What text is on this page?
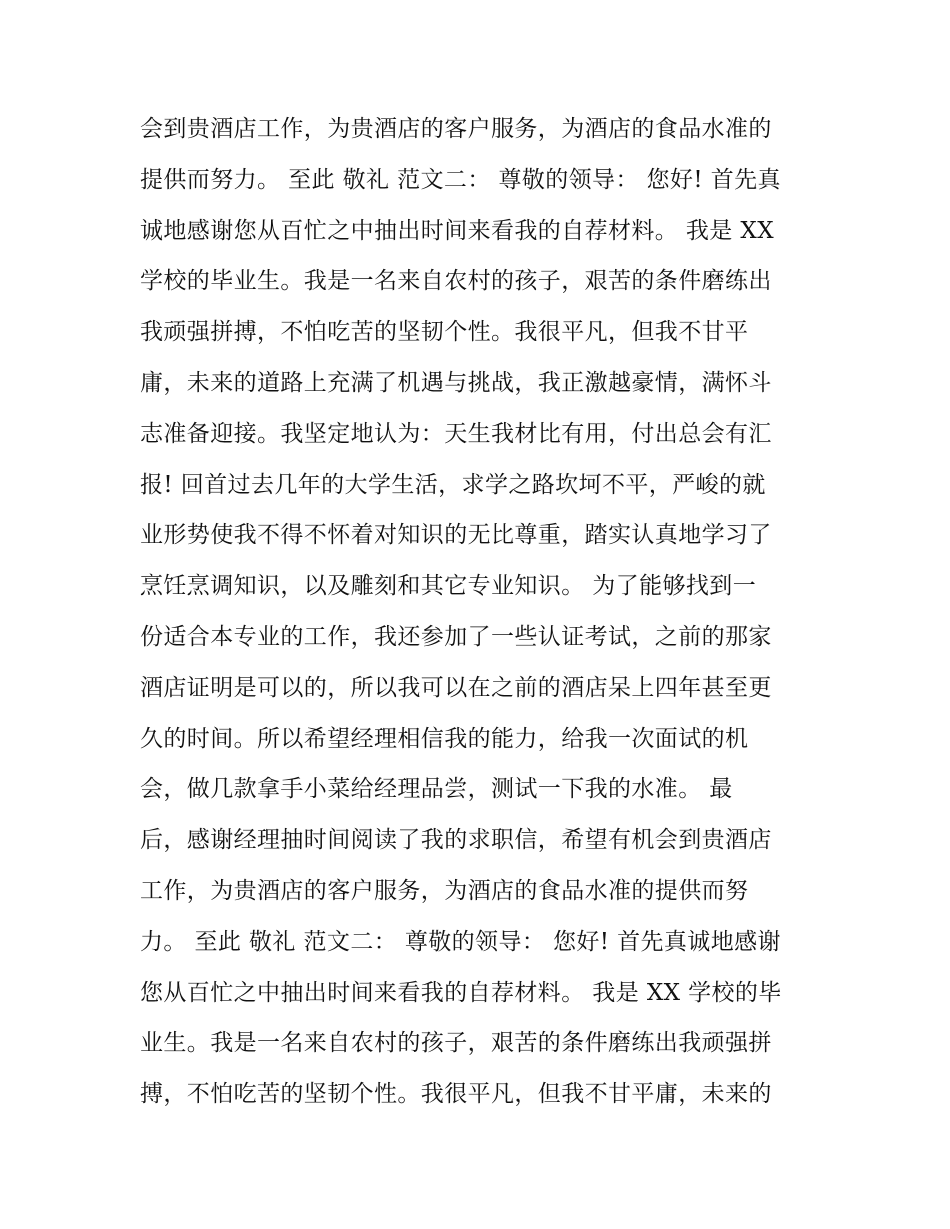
会到贵酒店工作，为贵酒店的客户服务，为酒店的食品水准的
提供而努力。 至此 敬礼 范文二： 尊敬的领导： 您好! 首先真
诚地感谢您从百忙之中抽出时间来看我的自荐材料。 我是 XX
学校的毕业生。我是一名来自农村的孩子，艰苦的条件磨练出
我顽强拼搏，不怕吃苦的坚韧个性。我很平凡，但我不甘平
庸，未来的道路上充满了机遇与挑战，我正激越豪情，满怀斗
志准备迎接。我坚定地认为：天生我材比有用，付出总会有汇
报! 回首过去几年的大学生活，求学之路坎坷不平，严峻的就
业形势使我不得不怀着对知识的无比尊重，踏实认真地学习了
烹饪烹调知识，以及雕刻和其它专业知识。 为了能够找到一
份适合本专业的工作，我还参加了一些认证考试，之前的那家
酒店证明是可以的，所以我可以在之前的酒店呆上四年甚至更
久的时间。所以希望经理相信我的能力，给我一次面试的机
会，做几款拿手小菜给经理品尝，测试一下我的水准。 最
后，感谢经理抽时间阅读了我的求职信，希望有机会到贵酒店
工作，为贵酒店的客户服务，为酒店的食品水准的提供而努
力。 至此 敬礼 范文二： 尊敬的领导： 您好! 首先真诚地感谢
您从百忙之中抽出时间来看我的自荐材料。 我是 XX 学校的毕
业生。我是一名来自农村的孩子，艰苦的条件磨练出我顽强拼
搏，不怕吃苦的坚韧个性。我很平凡，但我不甘平庸，未来的
